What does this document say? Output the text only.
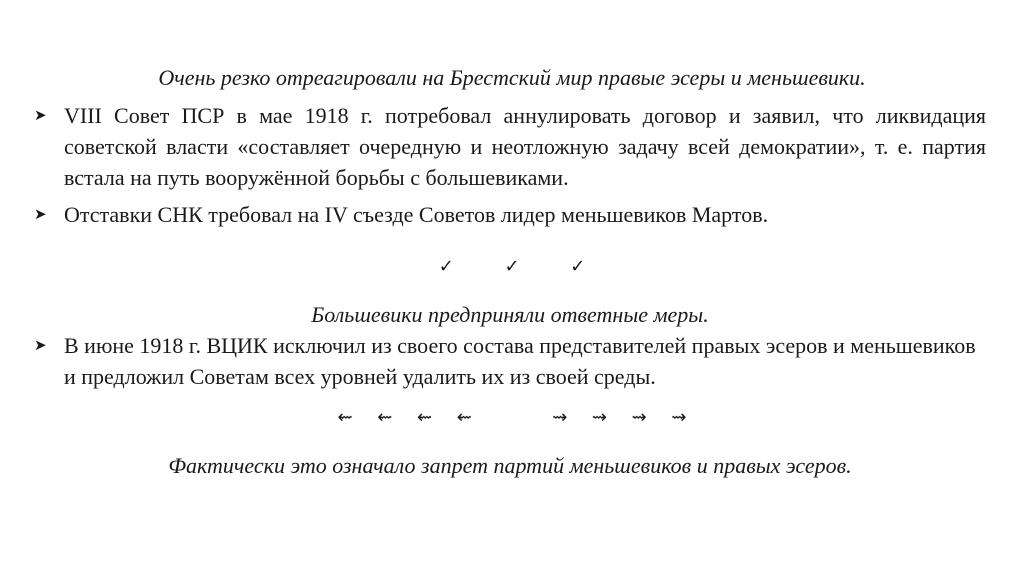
Очень резко отреагировали на Брестский мир правые эсеры и меньшевики.
➤ VIII Совет ПСР в мае 1918 г. потребовал аннулировать договор и заявил, что ликвидация советской власти «составляет очередную и неотложную задачу всей демократии», т. е. партия встала на путь вооружённой борьбы с большевиками.
➤ Отставки СНК требовал на IV съезде Советов лидер меньшевиков Мартов.
✓	✓	✓
Большевики предприняли ответные меры.
➤ В июне 1918 г. ВЦИК исключил из своего состава представителей правых эсеров и меньшевиков и предложил Советам всех уровней удалить их из своей среды.
⇜ ⇜ ⇜ ⇜	⇝ ⇝ ⇝ ⇝
Фактически это означало запрет партий меньшевиков и правых эсеров.
